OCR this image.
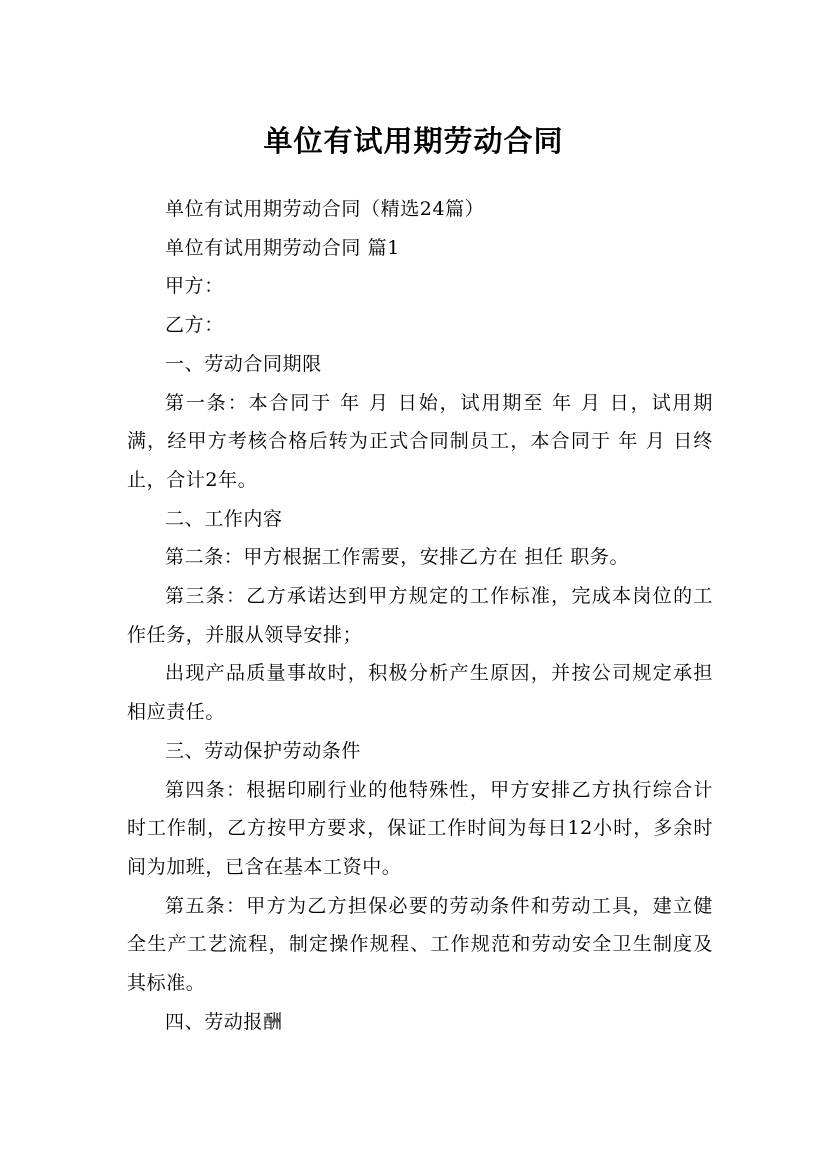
单位有试用期劳动合同

单位有试用期劳动合同（精选24篇）

单位有试用期劳动合同 篇1

甲方：

乙方：

一、劳动合同期限

第一条：本合同于 年 月 日始，试用期至 年 月 日，试用期满，经甲方考核合格后转为正式合同制员工，本合同于 年 月 日终止，合计2年。

二、工作内容

第二条：甲方根据工作需要，安排乙方在 担任 职务。

第三条：乙方承诺达到甲方规定的工作标准，完成本岗位的工作任务，并服从领导安排；

出现产品质量事故时，积极分析产生原因，并按公司规定承担相应责任。

三、劳动保护劳动条件

第四条：根据印刷行业的他特殊性，甲方安排乙方执行综合计时工作制，乙方按甲方要求，保证工作时间为每日12小时，多余时间为加班，已含在基本工资中。

第五条：甲方为乙方担保必要的劳动条件和劳动工具，建立健全生产工艺流程，制定操作规程、工作规范和劳动安全卫生制度及其标准。

四、劳动报酬
